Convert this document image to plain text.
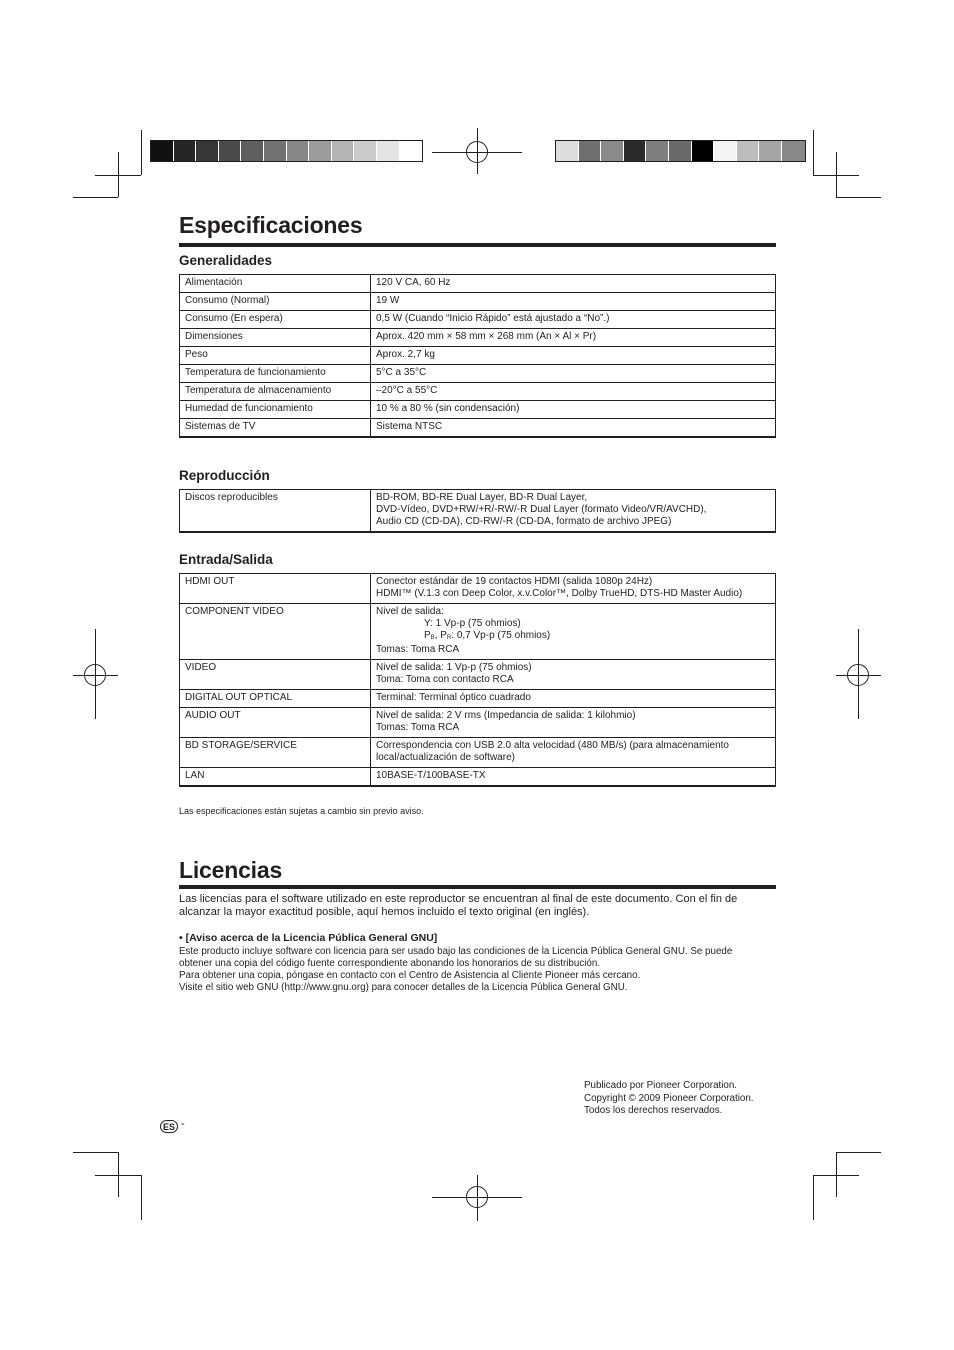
Especificaciones
Generalidades
Alimentación	120 V CA, 60 Hz
Consumo (Normal)	19 W
Consumo (En espera)	0,5 W (Cuando “Inicio Rápido” está ajustado a “No”.)
Dimensiones	Aprox. 420 mm × 58 mm × 268 mm (An × Al × Pr)
Peso	Aprox. 2,7 kg
Temperatura de funcionamiento	5°C a 35°C
Temperatura de almacenamiento	–20°C a 55°C
Humedad de funcionamiento	10 % a 80 % (sin condensación)
Sistemas de TV	Sistema NTSC
Reproducción
Discos reproducibles	BD-ROM, BD-RE Dual Layer, BD-R Dual Layer,
DVD-Vídeo, DVD+RW/+R/-RW/-R Dual Layer (formato Video/VR/AVCHD),
Audio CD (CD-DA), CD-RW/-R (CD-DA, formato de archivo JPEG)
Entrada/Salida
HDMI OUT	Conector estándar de 19 contactos HDMI (salida 1080p 24Hz)
HDMI™ (V.1.3 con Deep Color, x.v.Color™, Dolby TrueHD, DTS-HD Master Audio)
COMPONENT VIDEO	Nivel de salida:

Y: 1 Vp-p (75 ohmios)
$P_B$, $P_R$: 0,7 Vp-p (75 ohmios)
Tomas: Toma RCA
VIDEO	Nivel de salida: 1 Vp-p (75 ohmios)
Toma: Toma con contacto RCA
DIGITAL OUT OPTICAL	Terminal: Terminal óptico cuadrado
AUDIO OUT	Nivel de salida: 2 V rms (Impedancia de salida: 1 kilohmio)
Tomas: Toma RCA
BD STORAGE/SERVICE	Correspondencia con USB 2.0 alta velocidad (480 MB/s) (para almacenamiento
local/actualización de software)
LAN	10BASE-T/100BASE-TX
Las especificaciones están sujetas a cambio sin previo aviso.
Licencias
Las licencias para el software utilizado en este reproductor se encuentran al final de este documento. Con el fin de alcanzar la mayor exactitud posible, aquí hemos incluido el texto original (en inglés).
• [Aviso acerca de la Licencia Pública General GNU]
Este producto incluye software con licencia para ser usado bajo las condiciones de la Licencia Pública General GNU. Se puede
obtener una copia del código fuente correspondiente abonando los honorarios de su distribución.
Para obtener una copia, póngase en contacto con el Centro de Asistencia al Cliente Pioneer más cercano.
Visite el sitio web GNU (http://www.gnu.org) para conocer detalles de la Licencia Pública General GNU.
Publicado por Pioneer Corporation.
Copyright © 2009 Pioneer Corporation.
Todos los derechos reservados.
ES -
